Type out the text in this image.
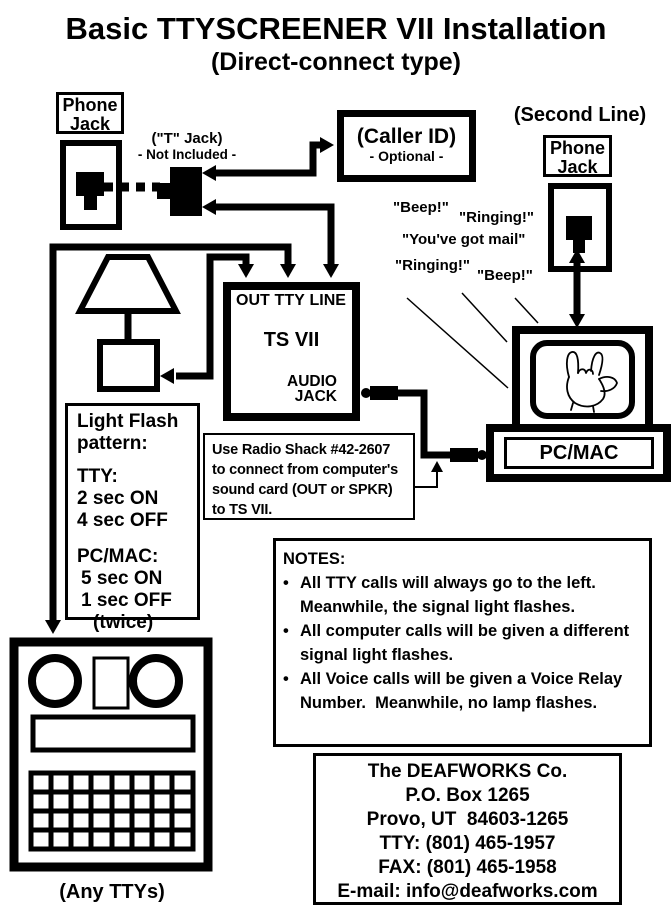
Basic TTYSCREENER VII Installation
(Direct-connect type)
Phone
Jack
("T" Jack)
- Not Included -
(Caller ID)
- Optional -
(Second Line)
Phone
Jack
"Beep!"
"Ringing!"
"You've got mail"
"Ringing!"
"Beep!"
OUT TTY LINE
TS VII
AUDIO
JACK
Light Flash
pattern:
TTY:
2 sec ON
4 sec OFF
PC/MAC:
5 sec ON
1 sec OFF
(twice)
Use Radio Shack #42-2607
to connect from computer's
sound card (OUT or SPKR)
to TS VII.
PC/MAC
NOTES:
• All TTY calls will always go to the left. Meanwhile, the signal light flashes.
• All computer calls will be given a different signal light flashes.
• All Voice calls will be given a Voice Relay Number.  Meanwhile, no lamp flashes.
The DEAFWORKS Co.
P.O. Box 1265
Provo, UT  84603-1265
TTY: (801) 465-1957
FAX: (801) 465-1958
E-mail: info@deafworks.com
(Any TTYs)
